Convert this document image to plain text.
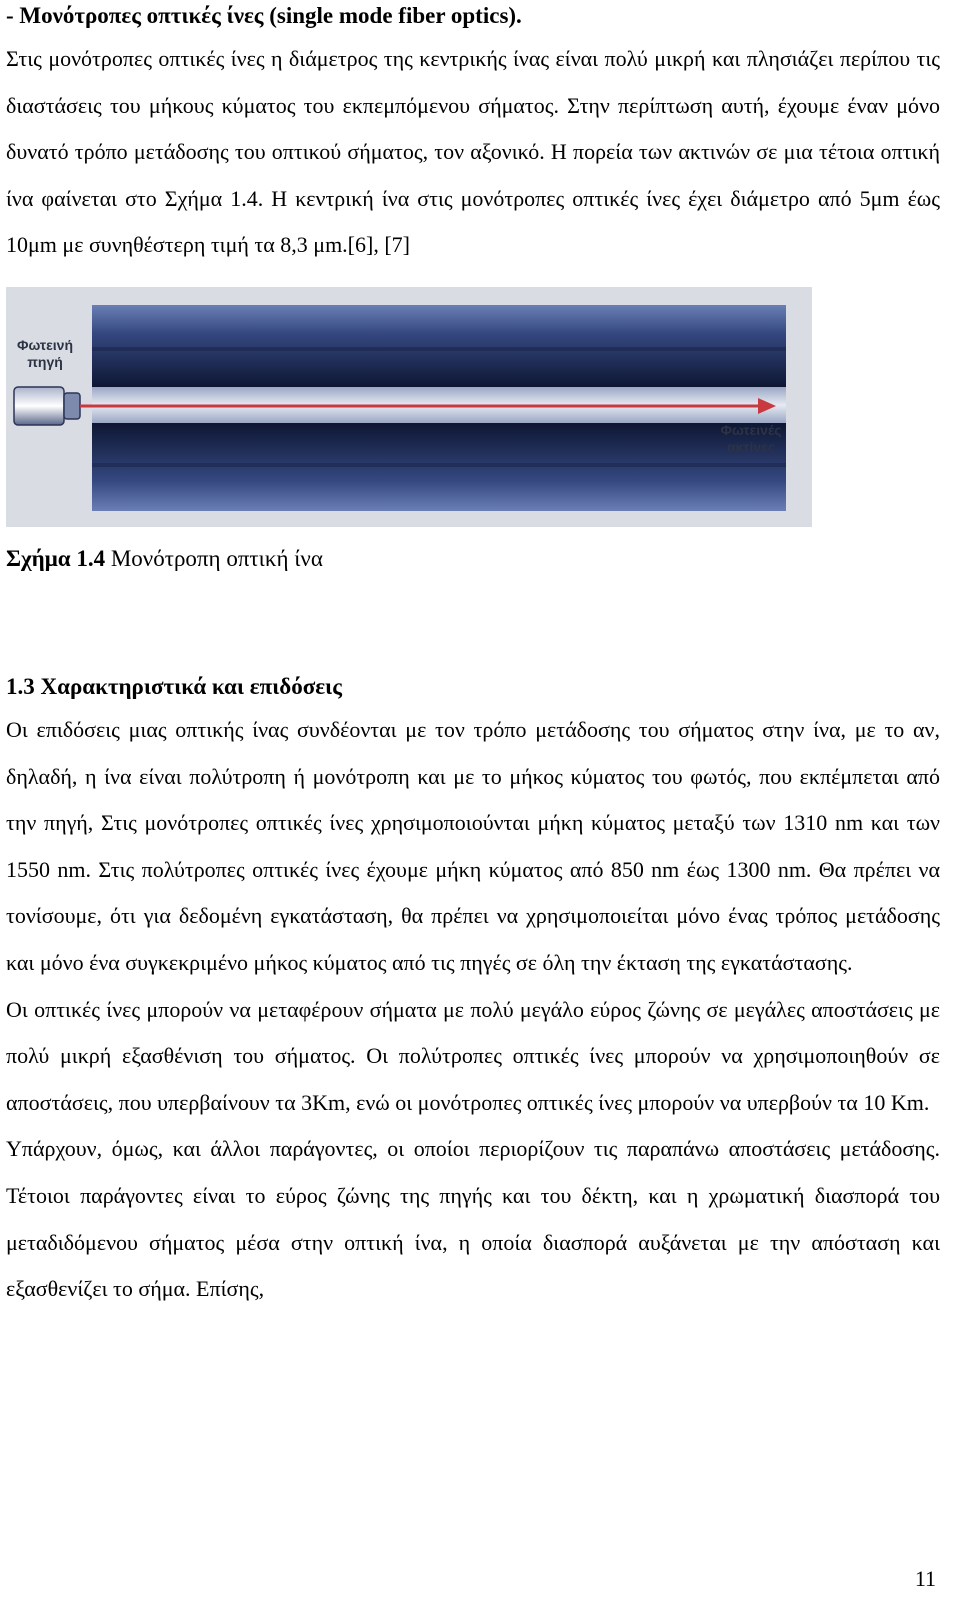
- Μονότροπες οπτικές ίνες (single mode fiber optics).

Στις μονότροπες οπτικές ίνες η διάμετρος της κεντρικής ίνας είναι πολύ μικρή και πλησιάζει περίπου τις διαστάσεις του μήκους κύματος του εκπεμπόμενου σήματος. Στην περίπτωση αυτή, έχουμε έναν μόνο δυνατό τρόπο μετάδοσης του οπτικού σήματος, τον αξονικό. Η πορεία των ακτινών σε μια τέτοια οπτική ίνα φαίνεται στο Σχήμα 1.4. Η κεντρική ίνα στις μονότροπες οπτικές ίνες έχει διάμετρο από 5μm έως 10μm με συνηθέστερη τιμή τα 8,3 μm.[6], [7]

Φωτεινή πηγή
Φωτεινές ακτίνες
Σχήμα 1.4 Μονότροπη οπτική ίνα
1.3 Χαρακτηριστικά και επιδόσεις

Οι επιδόσεις μιας οπτικής ίνας συνδέονται με τον τρόπο μετάδοσης του σήματος στην ίνα, με το αν, δηλαδή, η ίνα είναι πολύτροπη ή μονότροπη και με το μήκος κύματος του φωτός, που εκπέμπεται από την πηγή, Στις μονότροπες οπτικές ίνες χρησιμοποιούνται μήκη κύματος μεταξύ των 1310 nm και των 1550 nm. Στις πολύτροπες οπτικές ίνες έχουμε μήκη κύματος από 850 nm έως 1300 nm. Θα πρέπει να τονίσουμε, ότι για δεδομένη εγκατάσταση, θα πρέπει να χρησιμοποιείται μόνο ένας τρόπος μετάδοσης και μόνο ένα συγκεκριμένο μήκος κύματος από τις πηγές σε όλη την έκταση της εγκατάστασης.

Οι οπτικές ίνες μπορούν να μεταφέρουν σήματα με πολύ μεγάλο εύρος ζώνης σε μεγάλες αποστάσεις με πολύ μικρή εξασθένιση του σήματος. Οι πολύτροπες οπτικές ίνες μπορούν να χρησιμοποιηθούν σε αποστάσεις, που υπερβαίνουν τα 3Km, ενώ οι μονότροπες οπτικές ίνες μπορούν να υπερβούν τα 10 Km.

Υπάρχουν, όμως, και άλλοι παράγοντες, οι οποίοι περιορίζουν τις παραπάνω αποστάσεις μετάδοσης. Τέτοιοι παράγοντες είναι το εύρος ζώνης της πηγής και του δέκτη, και η χρωματική διασπορά του μεταδιδόμενου σήματος μέσα στην οπτική ίνα, η οποία διασπορά αυξάνεται με την απόσταση και εξασθενίζει το σήμα. Επίσης,

11
